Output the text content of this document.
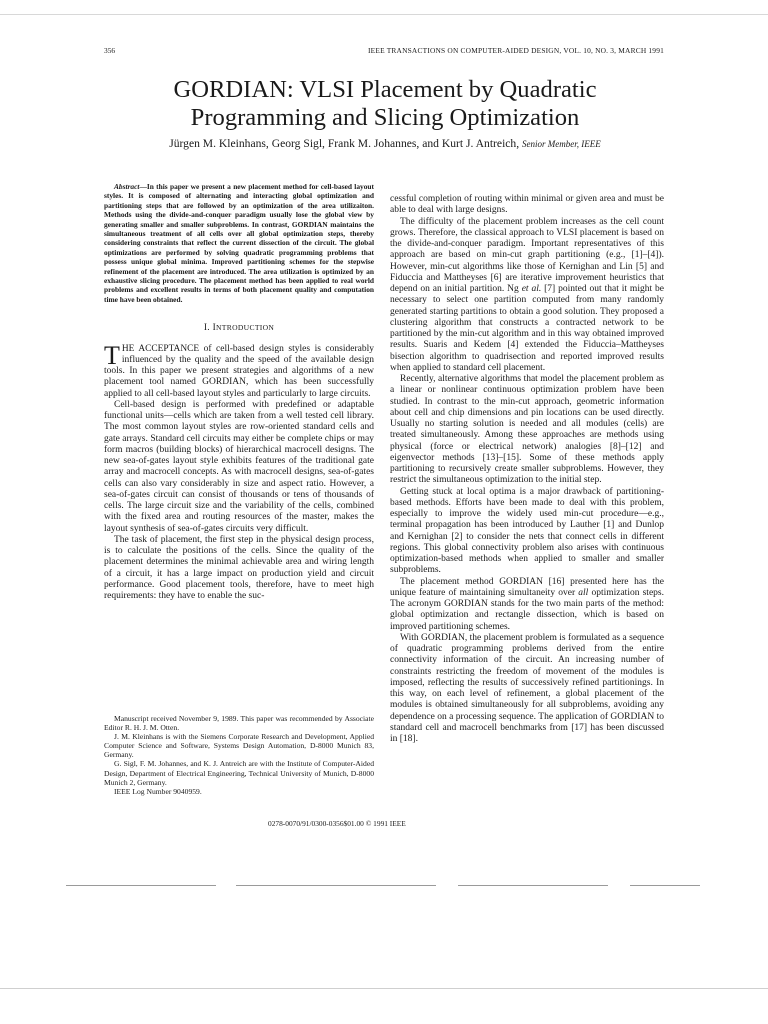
356	IEEE TRANSACTIONS ON COMPUTER-AIDED DESIGN, VOL. 10, NO. 3, MARCH 1991
GORDIAN: VLSI Placement by Quadratic
Programming and Slicing Optimization
Jürgen M. Kleinhans, Georg Sigl, Frank M. Johannes, and Kurt J. Antreich, Senior Member, IEEE

Abstract—In this paper we present a new placement method for cell-based layout styles. It is composed of alternating and interacting global optimization and partitioning steps that are followed by an optimization of the area utilizaiton. Methods using the divide-and-conquer paradigm usually lose the global view by generating smaller and smaller subproblems. In contrast, GORDIAN maintains the simultaneous treatment of all cells over all global optimization steps, thereby considering constraints that reflect the current dissection of the circuit. The global optimizations are performed by solving quadratic programming problems that possess unique global minima. Improved partitioning schemes for the stepwise refinement of the placement are introduced. The area utilization is optimized by an exhaustive slicing procedure. The placement method has been applied to real world problems and excellent results in terms of both placement quality and computation time have been obtained.

I. INTRODUCTION

THE ACCEPTANCE of cell-based design styles is considerably influenced by the quality and the speed of the available design tools. In this paper we present strategies and algorithms of a new placement tool named GORDIAN, which has been successfully applied to all cell-based layout styles and particularly to large circuits.

Cell-based design is performed with predefined or adaptable functional units—cells which are taken from a well tested cell library. The most common layout styles are row-oriented standard cells and gate arrays. Standard cell circuits may either be complete chips or may form macros (building blocks) of hierarchical macrocell designs. The new sea-of-gates layout style exhibits features of the traditional gate array and macrocell concepts. As with macrocell designs, sea-of-gates cells can also vary considerably in size and aspect ratio. However, a sea-of-gates circuit can consist of thousands or tens of thousands of cells. The large circuit size and the variability of the cells, combined with the fixed area and routing resources of the master, makes the layout synthesis of sea-of-gates circuits very difficult.

The task of placement, the first step in the physical design process, is to calculate the positions of the cells. Since the quality of the placement determines the minimal achievable area and wiring length of a circuit, it has a large impact on production yield and circuit performance. Good placement tools, therefore, have to meet high requirements: they have to enable the suc-

Manuscript received November 9, 1989. This paper was recommended by Associate Editor R. H. J. M. Otten.

J. M. Kleinhans is with the Siemens Corporate Research and Development, Applied Computer Science and Software, Systems Design Automation, D-8000 Munich 83, Germany.

G. Sigl, F. M. Johannes, and K. J. Antreich are with the Institute of Computer-Aided Design, Department of Electrical Engineering, Technical University of Munich, D-8000 Munich 2, Germany.

IEEE Log Number 9040959.

cessful completion of routing within minimal or given area and must be able to deal with large designs.

The difficulty of the placement problem increases as the cell count grows. Therefore, the classical approach to VLSI placement is based on the divide-and-conquer paradigm. Important representatives of this approach are based on min-cut graph partitioning (e.g., [1]–[4]). However, min-cut algorithms like those of Kernighan and Lin [5] and Fiduccia and Mattheyses [6] are iterative improvement heuristics that depend on an initial partition. Ng et al. [7] pointed out that it might be necessary to select one partition computed from many randomly generated starting partitions to obtain a good solution. They proposed a clustering algorithm that constructs a contracted network to be partitioned by the min-cut algorithm and in this way obtained improved results. Suaris and Kedem [4] extended the Fiduccia–Mattheyses bisection algorithm to quadrisection and reported improved results when applied to standard cell placement.

Recently, alternative algorithms that model the placement problem as a linear or nonlinear continuous optimization problem have been studied. In contrast to the min-cut approach, geometric information about cell and chip dimensions and pin locations can be used directly. Usually no starting solution is needed and all modules (cells) are treated simultaneously. Among these approaches are methods using physical (force or electrical network) analogies [8]–[12] and eigenvector methods [13]–[15]. Some of these methods apply partitioning to recursively create smaller subproblems. However, they restrict the simultaneous optimization to the initial step.

Getting stuck at local optima is a major drawback of partitioning-based methods. Efforts have been made to deal with this problem, especially to improve the widely used min-cut procedure—e.g., terminal propagation has been introduced by Lauther [1] and Dunlop and Kernighan [2] to consider the nets that connect cells in different regions. This global connectivity problem also arises with continuous optimization-based methods when applied to smaller and smaller subproblems.

The placement method GORDIAN [16] presented here has the unique feature of maintaining simultaneity over all optimization steps. The acronym GORDIAN stands for the two main parts of the method: global optimization and rectangle dissection, which is based on improved partitioning schemes.

With GORDIAN, the placement problem is formulated as a sequence of quadratic programming problems derived from the entire connectivity information of the circuit. An increasing number of constraints restricting the freedom of movement of the modules is imposed, reflecting the results of successively refined partitionings. In this way, on each level of refinement, a global placement of the modules is obtained simultaneously for all subproblems, avoiding any dependence on a processing sequence. The application of GORDIAN to standard cell and macrocell benchmarks from [17] has been discussed in [18].

0278-0070/91/0300-0356$01.00 © 1991 IEEE
